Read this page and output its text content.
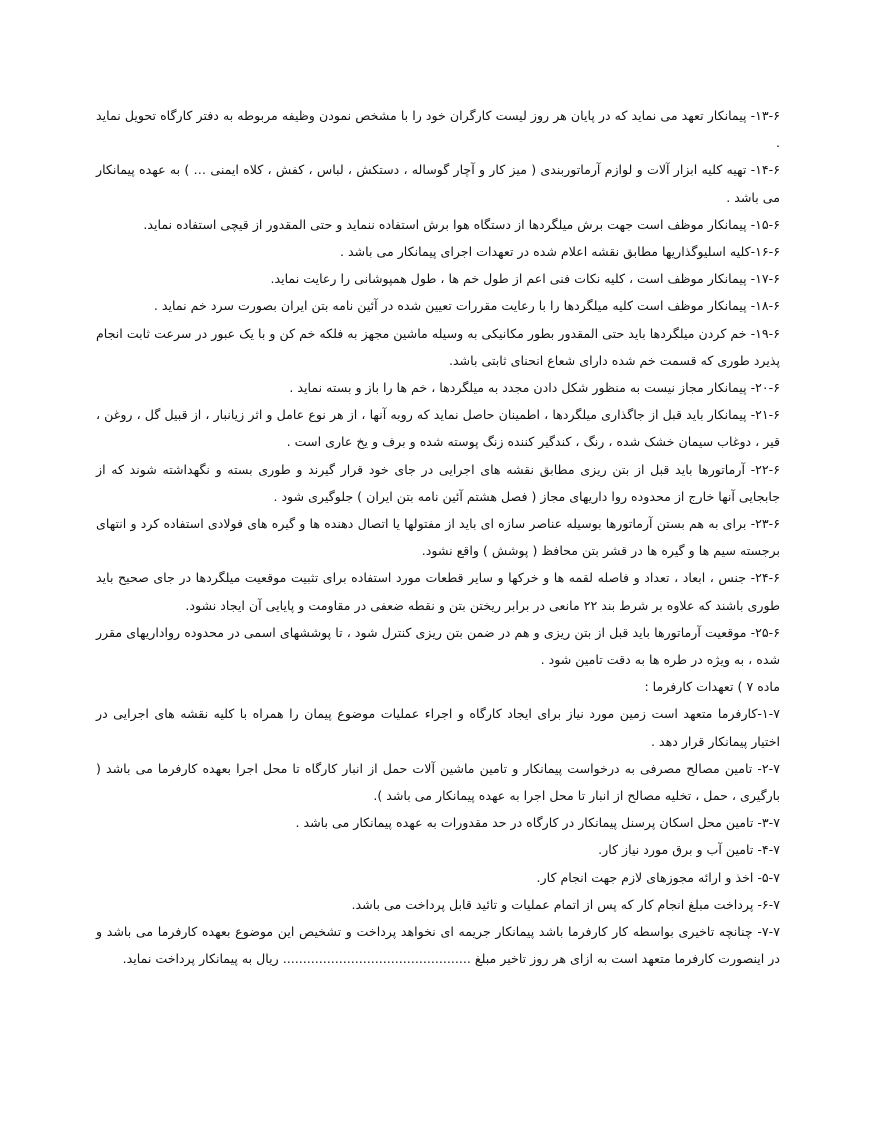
۱۳-۶- پیمانکار تعهد می نماید که در پایان هر روز لیست کارگران خود را با مشخص نمودن وظیفه مربوطه به دفتر کارگاه تحویل نماید .

۱۴-۶- تهیه کلیه ابزار آلات و لوازم آرماتوربندی ( میز کار و آچار گوساله ، دستکش ، لباس ، کفش ، کلاه ایمنی … ) به عهده پیمانکار می باشد .

۱۵-۶- پیمانکار موظف است جهت برش میلگردها از دستگاه هوا برش استفاده ننماید و حتی المقدور از قیچی استفاده نماید.

۱۶-۶-کلیه اسلیوگذاریها مطابق نقشه اعلام شده در تعهدات اجرای پیمانکار می باشد .

۱۷-۶- پیمانکار موظف است ، کلیه نکات فنی اعم از طول خم ها ، طول همپوشانی را رعایت نماید.

۱۸-۶- پیمانکار موظف است کلیه میلگردها را با رعایت مقررات تعیین شده در آئین نامه بتن ایران بصورت سرد خم نماید .

۱۹-۶- خم کردن میلگردها باید حتی المقدور بطور مکانیکی به وسیله ماشین مجهز به فلکه خم کن و با یک عبور در سرعت ثابت انجام پذیرد طوری که قسمت خم شده دارای شعاع انحنای ثابتی باشد.

۲۰-۶- پیمانکار مجاز نیست به منظور شکل دادن مجدد به میلگردها ، خم ها را باز و بسته نماید .

۲۱-۶- پیمانکار باید قبل از جاگذاری میلگردها ، اطمینان حاصل نماید که روبه آنها ، از هر نوع عامل و اثر زیانبار ، از قبیل گل ، روغن ، قیر ، دوغاب سیمان خشک شده ، رنگ ، کندگیر کننده زنگ پوسته شده و برف و یخ عاری است .

۲۲-۶- آرماتورها باید قبل از بتن ریزی مطابق نقشه های اجرایی در جای خود قرار گیرند و طوری بسته و نگهداشته شوند که از جابجایی آنها خارج از محدوده روا داریهای مجاز ( فصل هشتم آئین نامه بتن ایران ) جلوگیری شود .

۲۳-۶- برای به هم بستن آرماتورها بوسیله عناصر سازه ای باید از مفتولها یا اتصال دهنده ها و گیره های فولادی استفاده کرد و انتهای برجسته سیم ها و گیره ها در قشر بتن محافظ ( پوشش ) واقع نشود.

۲۴-۶- جنس ، ابعاد ، تعداد و فاصله لقمه ها و خرکها و سایر قطعات مورد استفاده برای تثبیت موقعیت میلگردها در جای صحیح باید طوری باشند که علاوه بر شرط بند ۲۲ مانعی در برابر ریختن بتن و نقطه ضعفی در مقاومت و پایایی آن ایجاد نشود.

۲۵-۶- موقعیت آرماتورها باید قبل از بتن ریزی و هم در ضمن بتن ریزی کنترل شود ، تا پوششهای اسمی در محدوده رواداریهای مقرر شده ، به ویژه در طره ها به دقت تامین شود .

ماده ۷ ) تعهدات کارفرما :

۱-۷-کارفرما متعهد است زمین مورد نیاز برای ایجاد کارگاه و اجراء عملیات موضوع پیمان را همراه با کلیه نقشه های اجرایی در اختیار پیمانکار قرار دهد .

۲-۷- تامین مصالح مصرفی به درخواست پیمانکار و تامین ماشین آلات حمل از انبار کارگاه تا محل اجرا بعهده کارفرما می باشد ( بارگیری ، حمل ، تخلیه مصالح از انبار تا محل اجرا به عهده پیمانکار می باشد ).

۳-۷- تامین محل اسکان پرسنل پیمانکار در کارگاه در حد مقدورات به عهده پیمانکار می باشد .

۴-۷- تامین آب و برق مورد نیاز کار.

۵-۷- اخذ و ارائه مجوزهای لازم جهت انجام کار.

۶-۷- پرداخت مبلغ انجام کار که پس از اتمام عملیات و تائید قابل پرداخت می باشد.

۷-۷- چنانچه تاخیری بواسطه کار کارفرما باشد پیمانکار جریمه ای نخواهد پرداخت و تشخیص این موضوع بعهده کارفرما می باشد و در اینصورت کارفرما متعهد است به ازای هر روز تاخیر مبلغ ............................................... ریال به پیمانکار پرداخت نماید.
